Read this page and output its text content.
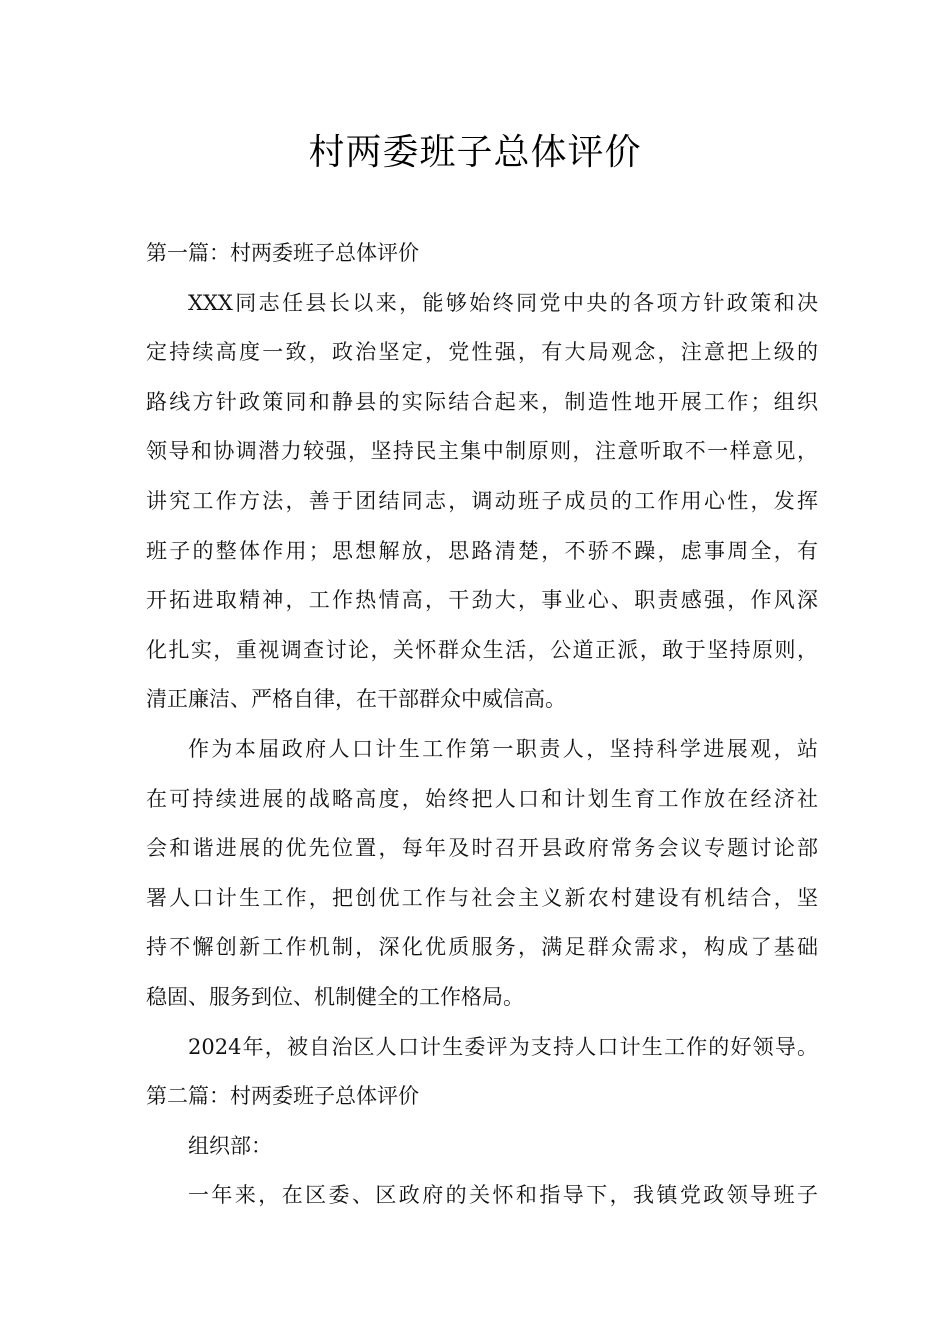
村两委班子总体评价
第一篇：村两委班子总体评价
XXX同志任县长以来，能够始终同党中央的各项方针政策和决
定持续高度一致，政治坚定，党性强，有大局观念，注意把上级的
路线方针政策同和静县的实际结合起来，制造性地开展工作；组织
领导和协调潜力较强，坚持民主集中制原则，注意听取不一样意见，
讲究工作方法，善于团结同志，调动班子成员的工作用心性，发挥
班子的整体作用；思想解放，思路清楚，不骄不躁，虑事周全，有
开拓进取精神，工作热情高，干劲大，事业心、职责感强，作风深
化扎实，重视调查讨论，关怀群众生活，公道正派，敢于坚持原则，
清正廉洁、严格自律，在干部群众中威信高。
作为本届政府人口计生工作第一职责人，坚持科学进展观，站
在可持续进展的战略高度，始终把人口和计划生育工作放在经济社
会和谐进展的优先位置，每年及时召开县政府常务会议专题讨论部
署人口计生工作，把创优工作与社会主义新农村建设有机结合，坚
持不懈创新工作机制，深化优质服务，满足群众需求，构成了基础
稳固、服务到位、机制健全的工作格局。
2024年，被自治区人口计生委评为支持人口计生工作的好领导。
第二篇：村两委班子总体评价
组织部：
一年来，在区委、区政府的关怀和指导下，我镇党政领导班子
